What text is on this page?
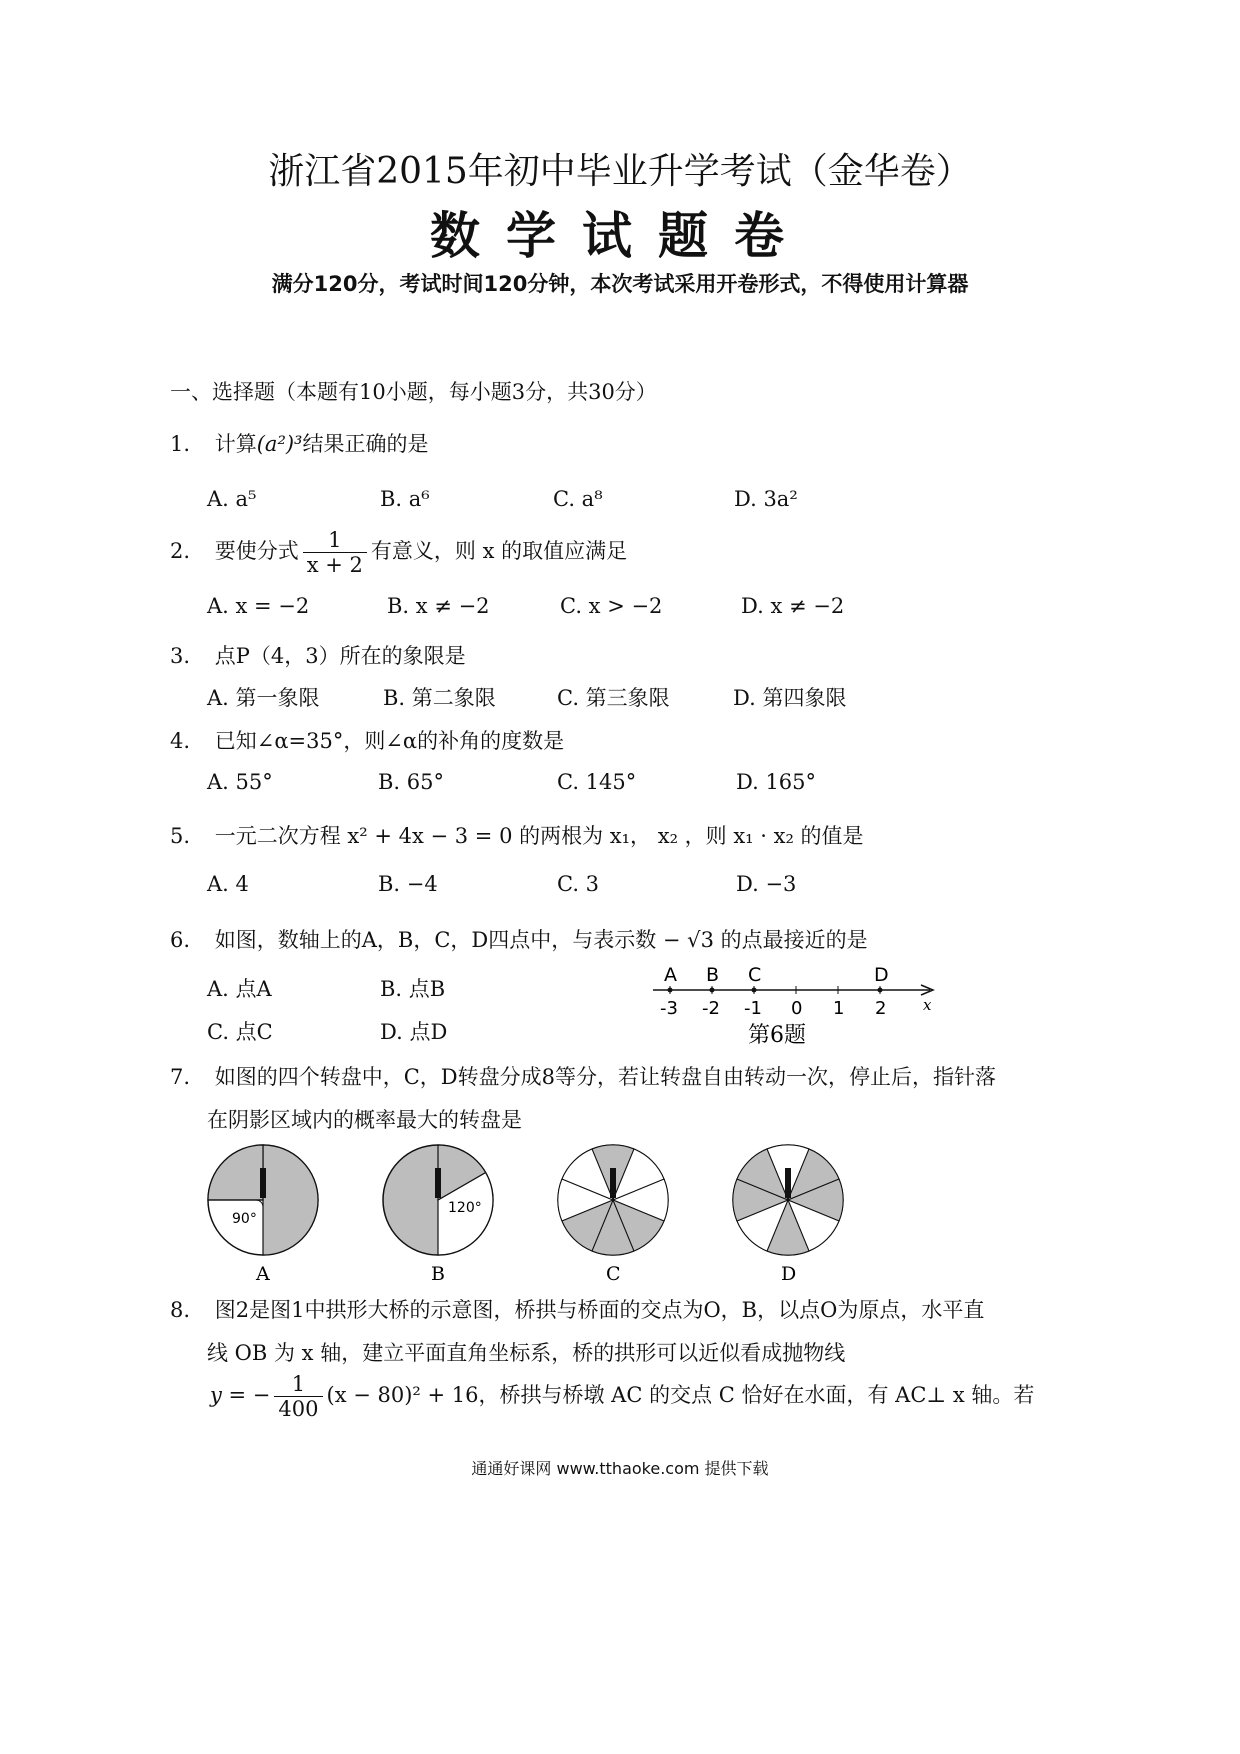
浙江省2015年初中毕业升学考试（金华卷）
数学试题卷
满分120分，考试时间120分钟，本次考试采用开卷形式，不得使用计算器
一、选择题（本题有10小题，每小题3分，共30分）
1. 计算(a²)³结果正确的是
A. a⁵	B. a⁶	C. a⁸	D. 3a²
2. 要使分式 $\frac{1}{x + 2}$ 有意义，则 x 的取值应满足
A. x = −2	B. x ≠ −2	C. x > −2	D. x ≠ −2
3. 点P（4，3）所在的象限是
A. 第一象限	B. 第二象限	C. 第三象限	D. 第四象限
4. 已知∠α=35°，则∠α的补角的度数是
A. 55°	B. 65°	C. 145°	D. 165°
5. 一元二次方程 x² + 4x − 3 = 0 的两根为 x₁， x₂ ，则 x₁ · x₂ 的值是
A. 4	B. −4	C. 3	D. −3
6. 如图，数轴上的A，B，C，D四点中，与表示数 − √3 的点最接近的是
A. 点A	B. 点B
C. 点C	D. 点D
A B C	D
-3 -2 -1 0 1 2 x
第6题
7. 如图的四个转盘中，C，D转盘分成8等分，若让转盘自由转动一次，停止后，指针落
在阴影区域内的概率最大的转盘是
90°
A
120°
B	C	D
8. 图2是图1中拱形大桥的示意图，桥拱与桥面的交点为O，B，以点O为原点，水平直
线 OB 为 x 轴，建立平面直角坐标系，桥的拱形可以近似看成抛物线
y = − $\frac{1}{400} (x - 80)^2 + 16$，桥拱与桥墩 AC 的交点 C 恰好在水面，有 AC⊥ x 轴。若
通通好课网 www.tthaoke.com 提供下载
